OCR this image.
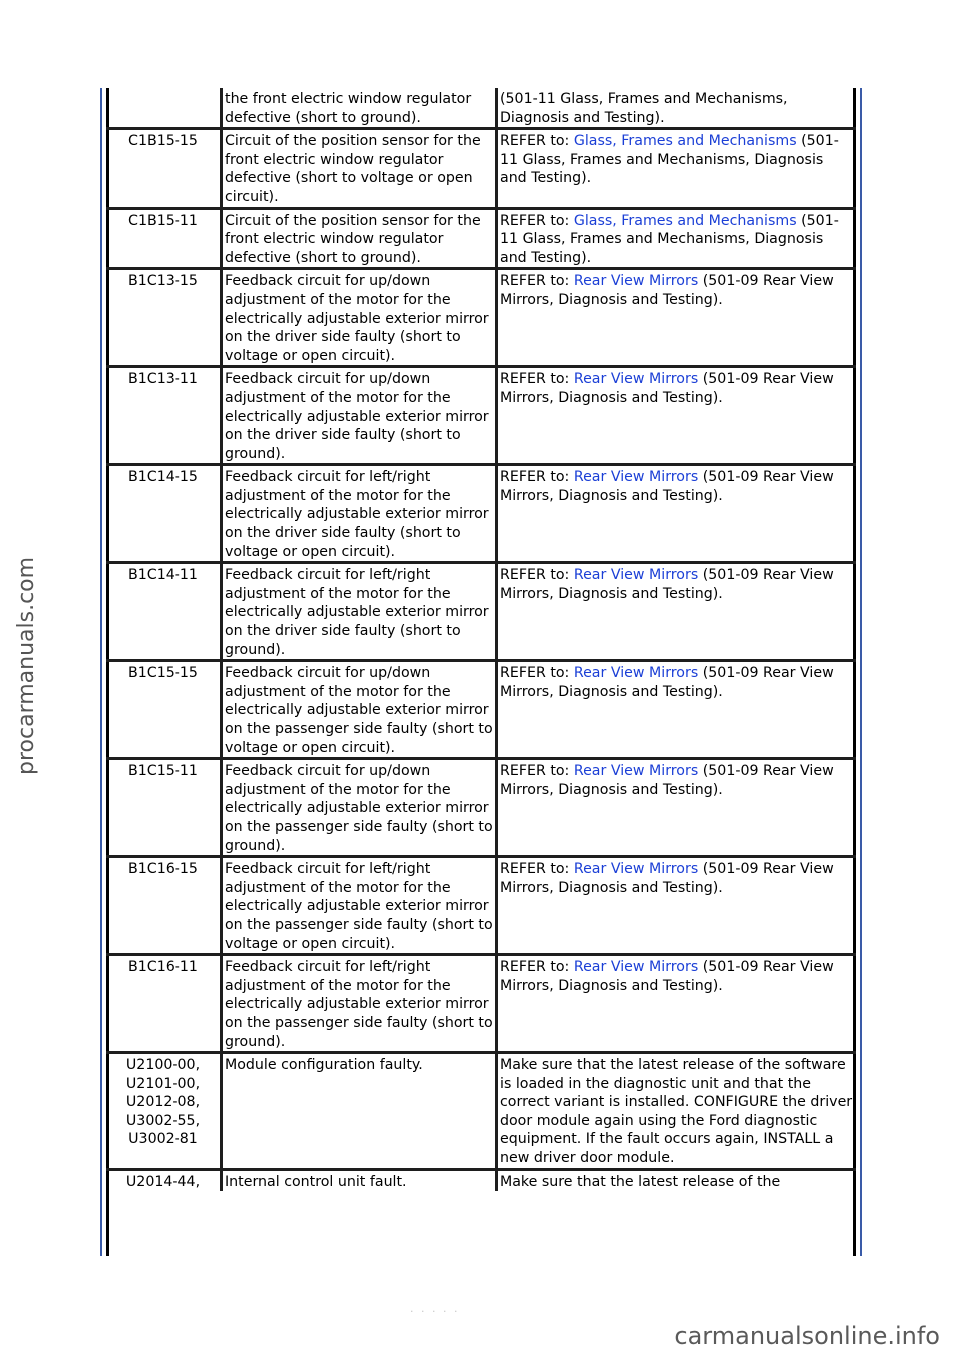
	the front electric window regulator defective (short to ground).	(501-11 Glass, Frames and Mechanisms, Diagnosis and Testing).
C1B15-15	Circuit of the position sensor for the front electric window regulator defective (short to voltage or open circuit).	REFER to: Glass, Frames and Mechanisms (501-11 Glass, Frames and Mechanisms, Diagnosis and Testing).
C1B15-11	Circuit of the position sensor for the front electric window regulator defective (short to ground).	REFER to: Glass, Frames and Mechanisms (501-11 Glass, Frames and Mechanisms, Diagnosis and Testing).
B1C13-15	Feedback circuit for up/down adjustment of the motor for the electrically adjustable exterior mirror on the driver side faulty (short to voltage or open circuit).	REFER to: Rear View Mirrors (501-09 Rear View Mirrors, Diagnosis and Testing).
B1C13-11	Feedback circuit for up/down adjustment of the motor for the electrically adjustable exterior mirror on the driver side faulty (short to ground).	REFER to: Rear View Mirrors (501-09 Rear View Mirrors, Diagnosis and Testing).
B1C14-15	Feedback circuit for left/right adjustment of the motor for the electrically adjustable exterior mirror on the driver side faulty (short to voltage or open circuit).	REFER to: Rear View Mirrors (501-09 Rear View Mirrors, Diagnosis and Testing).
B1C14-11	Feedback circuit for left/right adjustment of the motor for the electrically adjustable exterior mirror on the driver side faulty (short to ground).	REFER to: Rear View Mirrors (501-09 Rear View Mirrors, Diagnosis and Testing).
B1C15-15	Feedback circuit for up/down adjustment of the motor for the electrically adjustable exterior mirror on the passenger side faulty (short to voltage or open circuit).	REFER to: Rear View Mirrors (501-09 Rear View Mirrors, Diagnosis and Testing).
B1C15-11	Feedback circuit for up/down adjustment of the motor for the electrically adjustable exterior mirror on the passenger side faulty (short to ground).	REFER to: Rear View Mirrors (501-09 Rear View Mirrors, Diagnosis and Testing).
B1C16-15	Feedback circuit for left/right adjustment of the motor for the electrically adjustable exterior mirror on the passenger side faulty (short to voltage or open circuit).	REFER to: Rear View Mirrors (501-09 Rear View Mirrors, Diagnosis and Testing).
B1C16-11	Feedback circuit for left/right adjustment of the motor for the electrically adjustable exterior mirror on the passenger side faulty (short to ground).	REFER to: Rear View Mirrors (501-09 Rear View Mirrors, Diagnosis and Testing).
U2100-00, U2101-00, U2012-08, U3002-55, U3002-81	Module configuration faulty.	Make sure that the latest release of the software is loaded in the diagnostic unit and that the correct variant is installed. CONFIGURE the driver door module again using the Ford diagnostic equipment. If the fault occurs again, INSTALL a new driver door module.
U2014-44,	Internal control unit fault.	Make sure that the latest release of the
· · · · ·
procarmanuals.com
carmanualsonline.info
